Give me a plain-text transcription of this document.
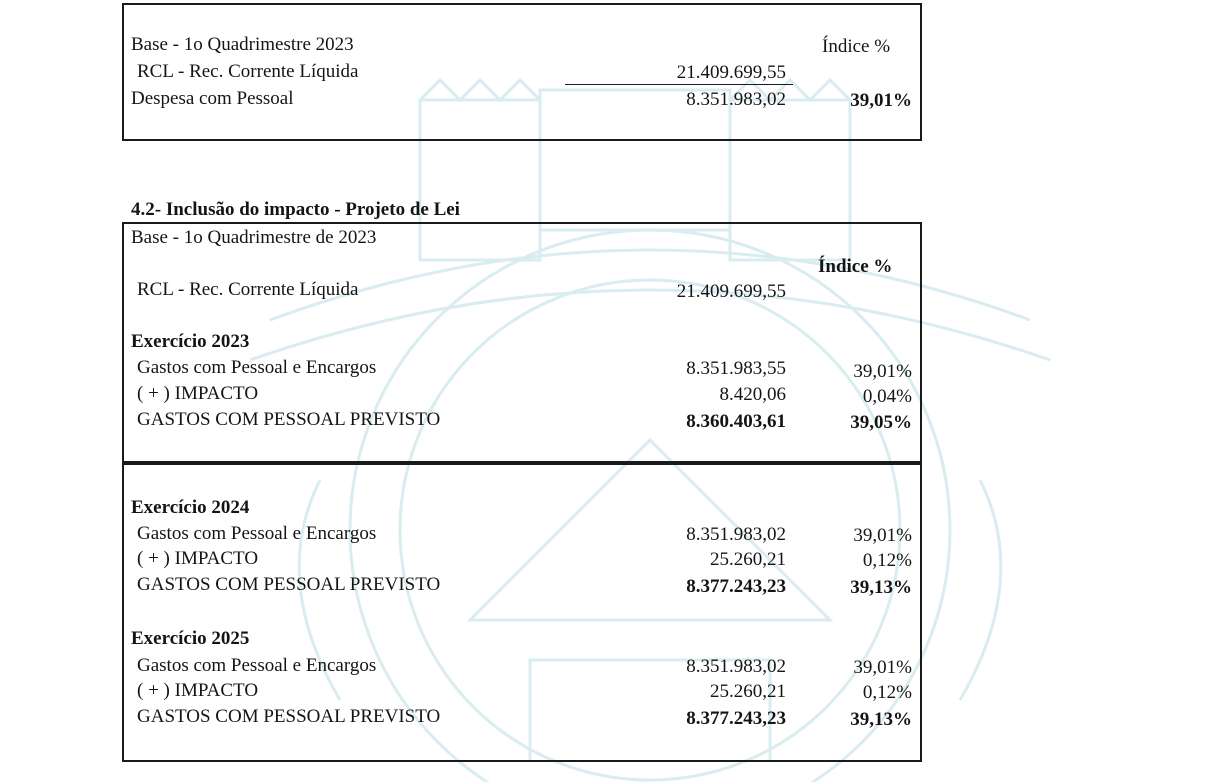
Base - 1o Quadrimestre 2023	Índice %
RCL - Rec. Corrente Líquida	21.409.699,55
Despesa com Pessoal	8.351.983,02	39,01%
4.2- Inclusão do impacto - Projeto de Lei
Base - 1o Quadrimestre de 2023
Índice %
RCL - Rec. Corrente Líquida	21.409.699,55
Exercício 2023
Gastos com Pessoal e Encargos	8.351.983,55	39,01%
( + ) IMPACTO	8.420,06	0,04%
GASTOS COM PESSOAL PREVISTO	8.360.403,61	39,05%
Exercício 2024
Gastos com Pessoal e Encargos	8.351.983,02	39,01%
( + ) IMPACTO	25.260,21	0,12%
GASTOS COM PESSOAL PREVISTO	8.377.243,23	39,13%
Exercício 2025
Gastos com Pessoal e Encargos	8.351.983,02	39,01%
( + ) IMPACTO	25.260,21	0,12%
GASTOS COM PESSOAL PREVISTO	8.377.243,23	39,13%
